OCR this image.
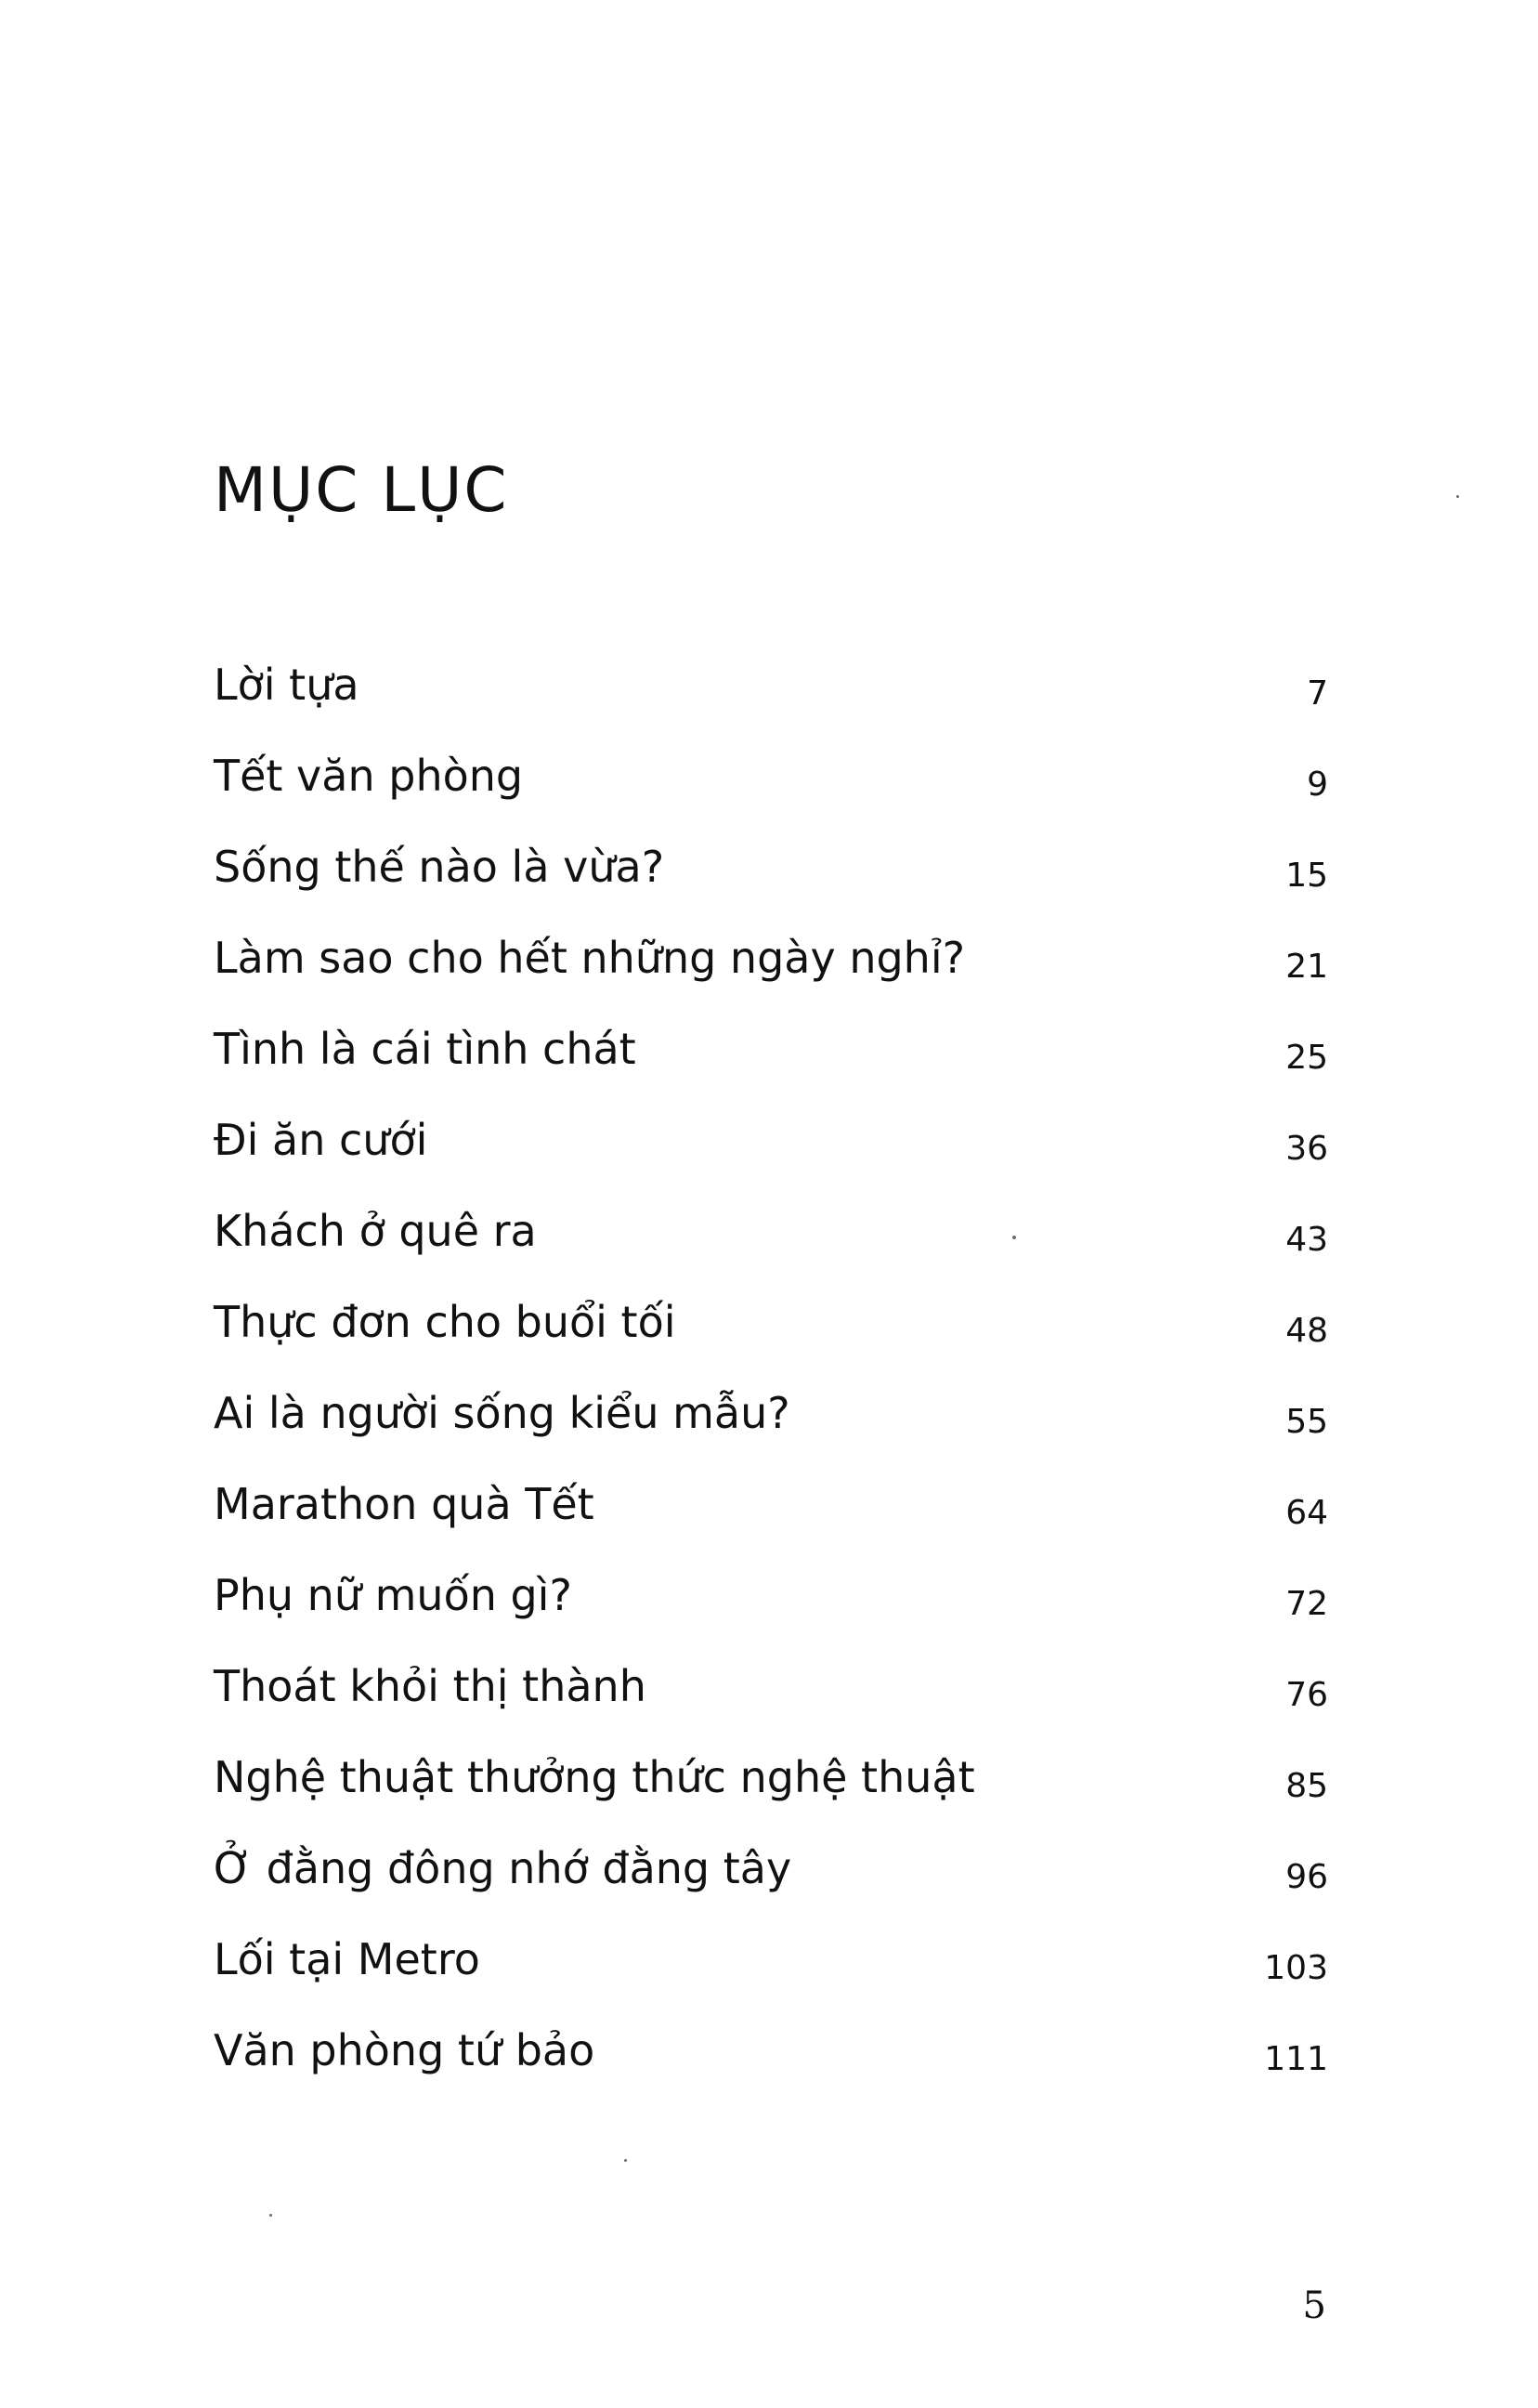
MỤC LỤC
Lời tựa	7
Tết văn phòng	9
Sống thế nào là vừa?	15
Làm sao cho hết những ngày nghỉ?	21
Tình là cái tình chát	25
Đi ăn cưới	36
Khách ở quê ra	43
Thực đơn cho buổi tối	48
Ai là người sống kiểu mẫu?	55
Marathon quà Tết	64
Phụ nữ muốn gì?	72
Thoát khỏi thị thành	76
Nghệ thuật thưởng thức nghệ thuật	85
Ở đằng đông nhớ đằng tây	96
Lối tại Metro	103
Văn phòng tứ bảo	111
5
